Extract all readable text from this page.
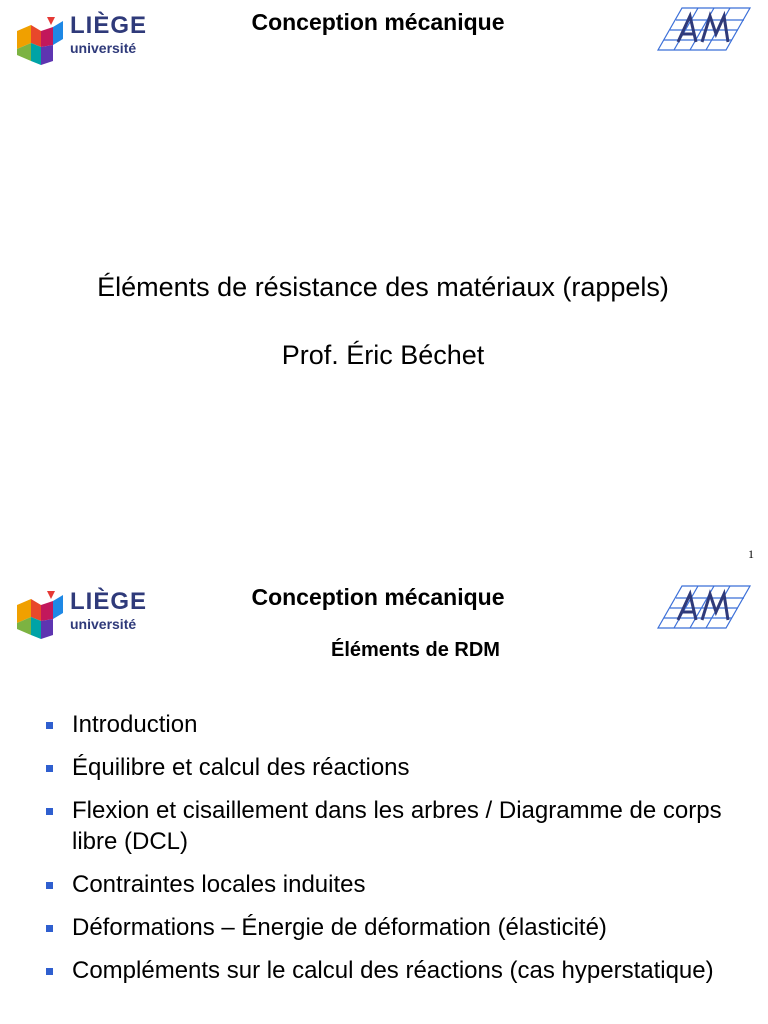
LIÈGE
université
Conception mécanique
Éléments de résistance des matériaux (rappels)
Prof. Éric Béchet
1
LIÈGE
université
Conception mécanique
Éléments de RDM
Introduction
Équilibre et calcul des réactions
Flexion et cisaillement dans les arbres / Diagramme de corps libre (DCL)
Contraintes locales induites
Déformations – Énergie de déformation (élasticité)
Compléments sur le calcul des réactions (cas hyperstatique)
